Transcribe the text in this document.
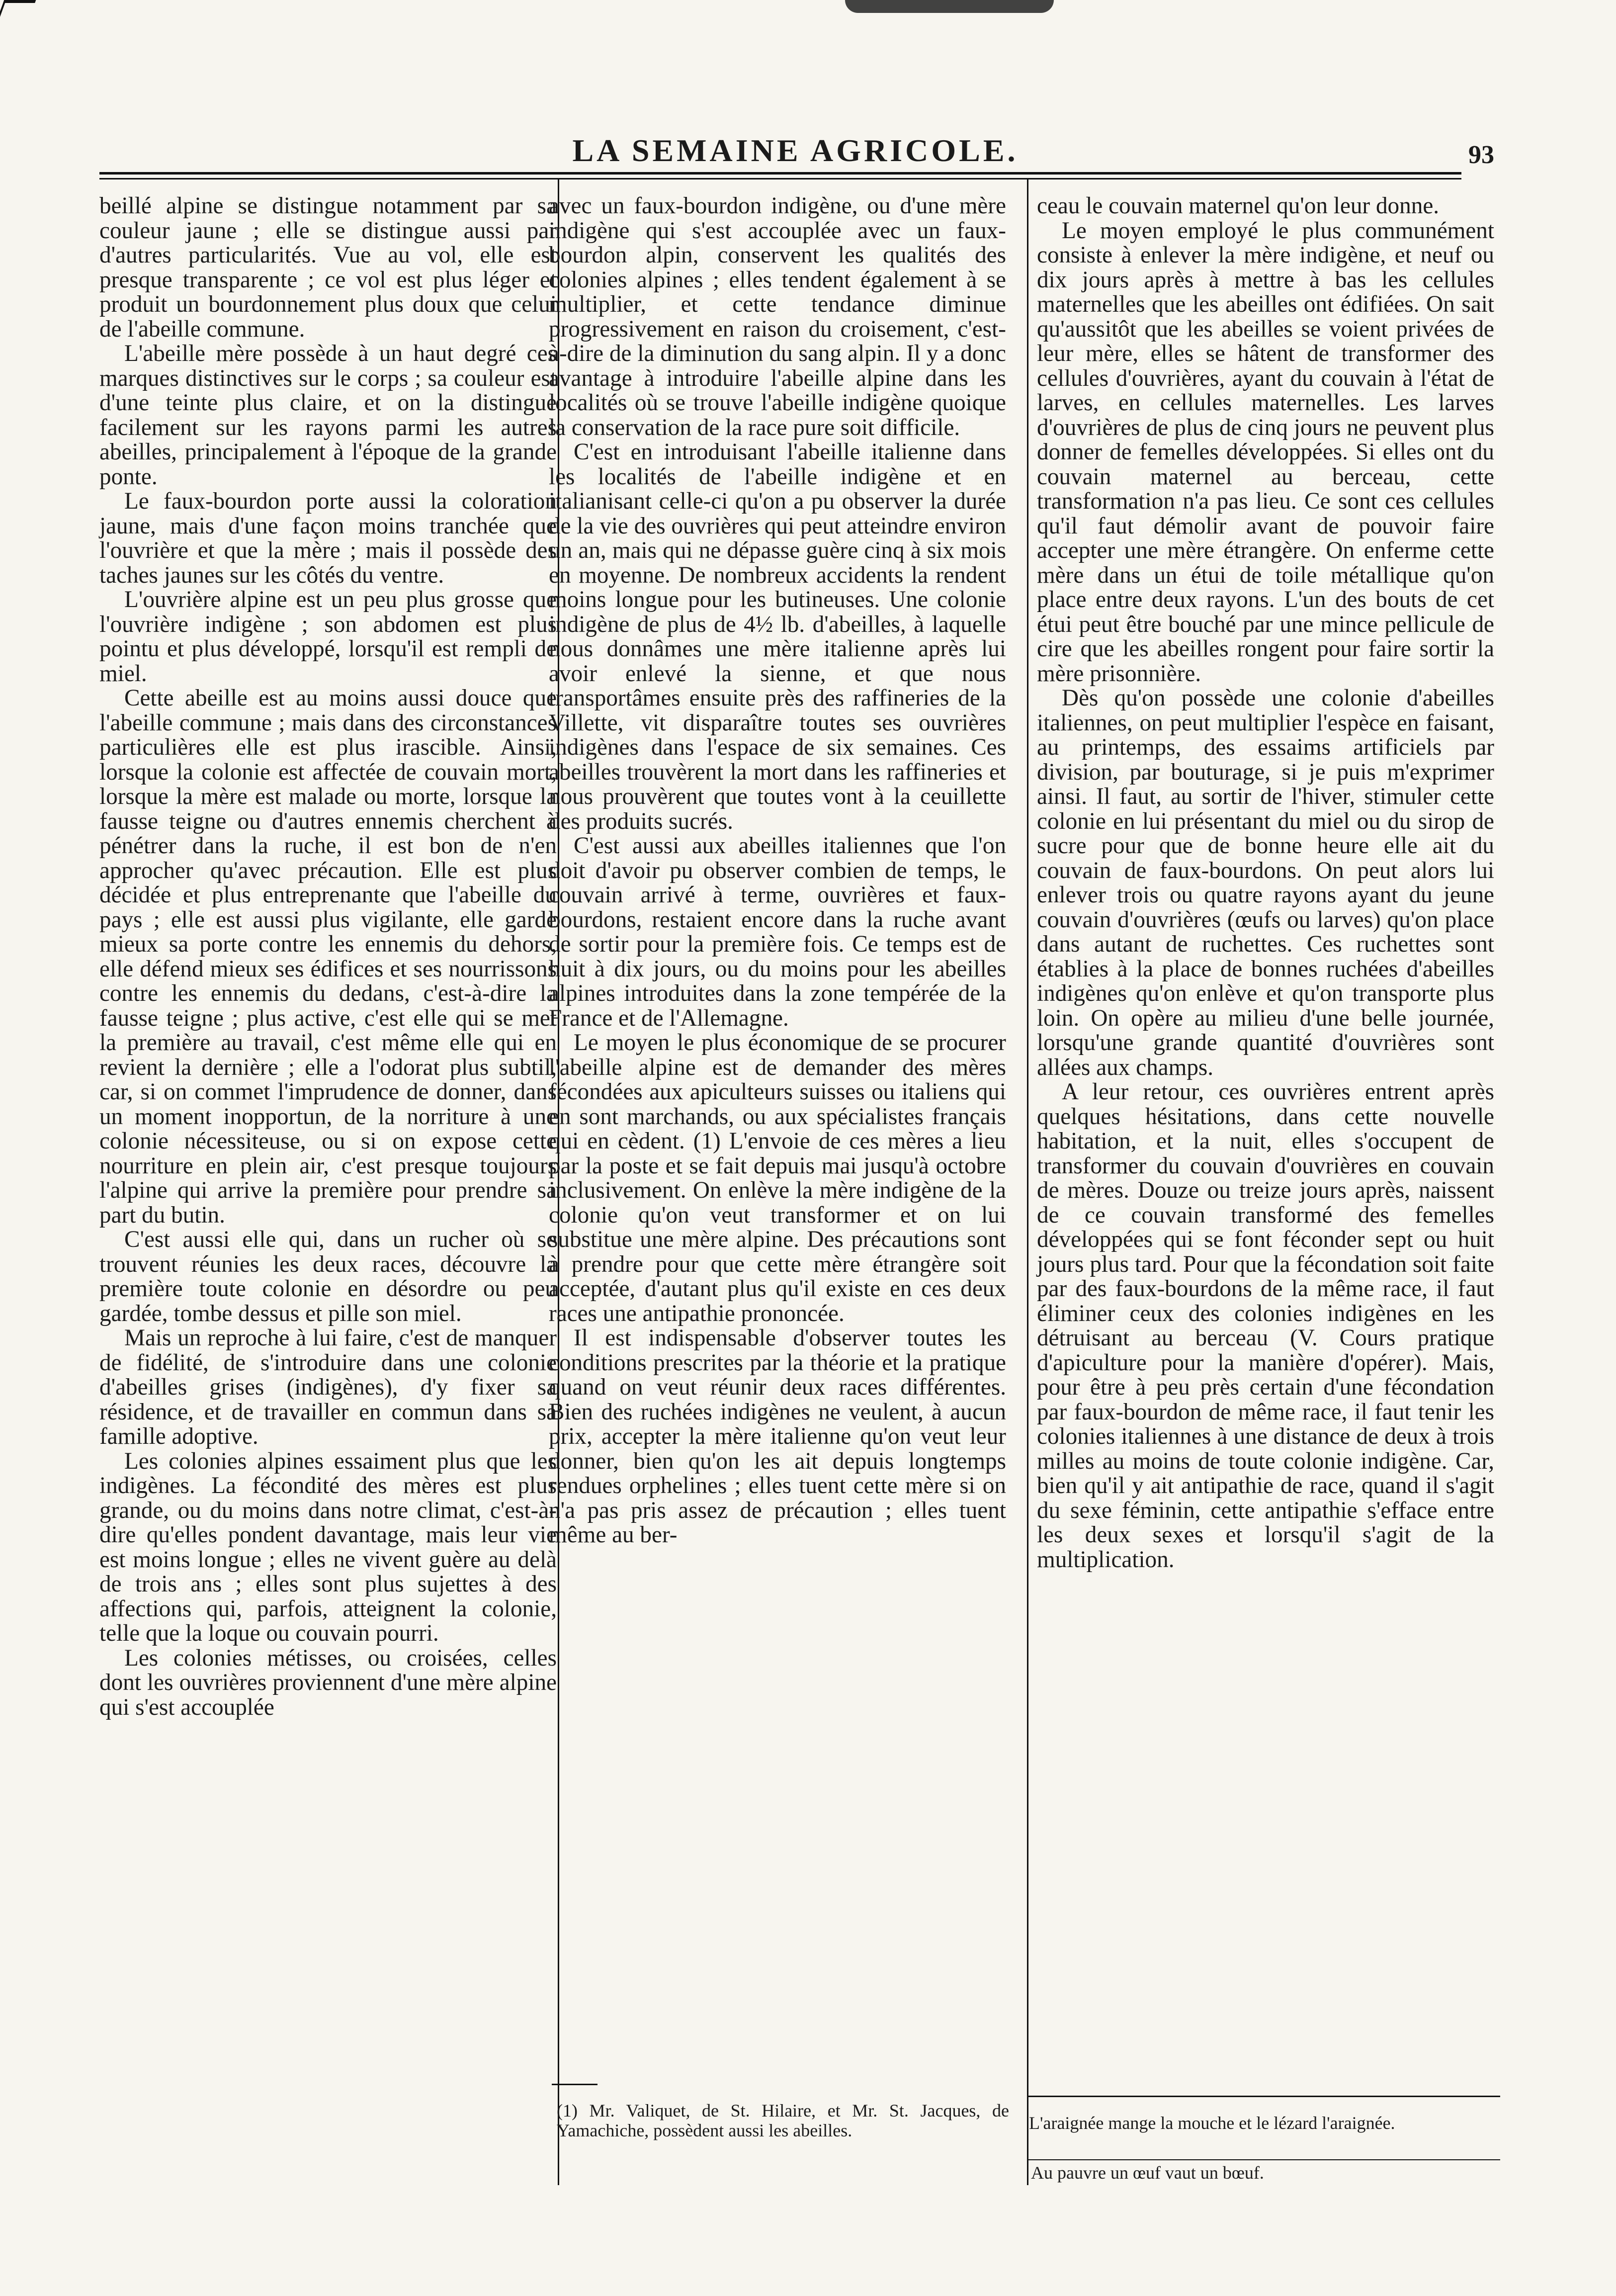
LA SEMAINE AGRICOLE.	93

beillé alpine se distingue notamment par sa couleur jaune ; elle se distingue aussi par d'autres particularités. Vue au vol, elle est presque transparente ; ce vol est plus léger et produit un bourdonnement plus doux que celui de l'abeille commune.

L'abeille mère possède à un haut degré ces marques distinctives sur le corps ; sa couleur est d'une teinte plus claire, et on la distingue facilement sur les rayons parmi les autres abeilles, principalement à l'époque de la grande ponte.

Le faux-bourdon porte aussi la coloration jaune, mais d'une façon moins tranchée que l'ouvrière et que la mère ; mais il possède des taches jaunes sur les côtés du ventre.

L'ouvrière alpine est un peu plus grosse que l'ouvrière indigène ; son abdomen est plus pointu et plus développé, lorsqu'il est rempli de miel.

Cette abeille est au moins aussi douce que l'abeille commune ; mais dans des circonstances particulières elle est plus irascible. Ainsi, lorsque la colonie est affectée de couvain mort, lorsque la mère est malade ou morte, lorsque la fausse teigne ou d'autres ennemis cherchent à pénétrer dans la ruche, il est bon de n'en approcher qu'avec précaution. Elle est plus décidée et plus entreprenante que l'abeille du pays ; elle est aussi plus vigilante, elle garde mieux sa porte contre les ennemis du dehors, elle défend mieux ses édifices et ses nourrissons contre les ennemis du dedans, c'est-à-dire la fausse teigne ; plus active, c'est elle qui se met la première au travail, c'est même elle qui en revient la dernière ; elle a l'odorat plus subtil, car, si on commet l'imprudence de donner, dans un moment inopportun, de la norriture à une colonie nécessiteuse, ou si on expose cette nourriture en plein air, c'est presque toujours l'alpine qui arrive la première pour prendre sa part du butin.

C'est aussi elle qui, dans un rucher où se trouvent réunies les deux races, découvre la première toute colonie en désordre ou peu gardée, tombe dessus et pille son miel.

Mais un reproche à lui faire, c'est de manquer de fidélité, de s'introduire dans une colonie d'abeilles grises (indigènes), d'y fixer sa résidence, et de travailler en commun dans sa famille adoptive.

Les colonies alpines essaiment plus que les indigènes. La fécondité des mères est plus grande, ou du moins dans notre climat, c'est-à-dire qu'elles pondent davantage, mais leur vie est moins longue ; elles ne vivent guère au delà de trois ans ; elles sont plus sujettes à des affections qui, parfois, atteignent la colonie, telle que la loque ou couvain pourri.

Les colonies métisses, ou croisées, celles dont les ouvrières proviennent d'une mère alpine qui s'est accouplée

avec un faux-bourdon indigène, ou d'une mère indigène qui s'est accouplée avec un faux-bourdon alpin, conservent les qualités des colonies alpines ; elles tendent également à se multiplier, et cette tendance diminue progressivement en raison du croisement, c'est-à-dire de la diminution du sang alpin. Il y a donc avantage à introduire l'abeille alpine dans les localités où se trouve l'abeille indigène quoique la conservation de la race pure soit difficile.

C'est en introduisant l'abeille italienne dans les localités de l'abeille indigène et en italianisant celle-ci qu'on a pu observer la durée de la vie des ouvrières qui peut atteindre environ un an, mais qui ne dépasse guère cinq à six mois en moyenne. De nombreux accidents la rendent moins longue pour les butineuses. Une colonie indigène de plus de 4½ lb. d'abeilles, à laquelle nous donnâmes une mère italienne après lui avoir enlevé la sienne, et que nous transportâmes ensuite près des raffineries de la Villette, vit disparaître toutes ses ouvrières indigènes dans l'espace de six semaines. Ces abeilles trouvèrent la mort dans les raffineries et nous prouvèrent que toutes vont à la ceuillette des produits sucrés.

C'est aussi aux abeilles italiennes que l'on doit d'avoir pu observer combien de temps, le couvain arrivé à terme, ouvrières et faux-bourdons, restaient encore dans la ruche avant de sortir pour la première fois. Ce temps est de huit à dix jours, ou du moins pour les abeilles alpines introduites dans la zone tempérée de la France et de l'Allemagne.

Le moyen le plus économique de se procurer l'abeille alpine est de demander des mères fécondées aux apiculteurs suisses ou italiens qui en sont marchands, ou aux spécialistes français qui en cèdent. (1) L'envoie de ces mères a lieu par la poste et se fait depuis mai jusqu'à octobre inclusivement. On enlève la mère indigène de la colonie qu'on veut transformer et on lui substitue une mère alpine. Des précautions sont à prendre pour que cette mère étrangère soit acceptée, d'autant plus qu'il existe en ces deux races une antipathie prononcée.

Il est indispensable d'observer toutes les conditions prescrites par la théorie et la pratique quand on veut réunir deux races différentes. Bien des ruchées indigènes ne veulent, à aucun prix, accepter la mère italienne qu'on veut leur donner, bien qu'on les ait depuis longtemps rendues orphelines ; elles tuent cette mère si on n'a pas pris assez de précaution ; elles tuent même au ber-

ceau le couvain maternel qu'on leur donne.

Le moyen employé le plus communément consiste à enlever la mère indigène, et neuf ou dix jours après à mettre à bas les cellules maternelles que les abeilles ont édifiées. On sait qu'aussitôt que les abeilles se voient privées de leur mère, elles se hâtent de transformer des cellules d'ouvrières, ayant du couvain à l'état de larves, en cellules maternelles. Les larves d'ouvrières de plus de cinq jours ne peuvent plus donner de femelles développées. Si elles ont du couvain maternel au berceau, cette transformation n'a pas lieu. Ce sont ces cellules qu'il faut démolir avant de pouvoir faire accepter une mère étrangère. On enferme cette mère dans un étui de toile métallique qu'on place entre deux rayons. L'un des bouts de cet étui peut être bouché par une mince pellicule de cire que les abeilles rongent pour faire sortir la mère prisonnière.

Dès qu'on possède une colonie d'abeilles italiennes, on peut multiplier l'espèce en faisant, au printemps, des essaims artificiels par division, par bouturage, si je puis m'exprimer ainsi. Il faut, au sortir de l'hiver, stimuler cette colonie en lui présentant du miel ou du sirop de sucre pour que de bonne heure elle ait du couvain de faux-bourdons. On peut alors lui enlever trois ou quatre rayons ayant du jeune couvain d'ouvrières (œufs ou larves) qu'on place dans autant de ruchettes. Ces ruchettes sont établies à la place de bonnes ruchées d'abeilles indigènes qu'on enlève et qu'on transporte plus loin. On opère au milieu d'une belle journée, lorsqu'une grande quantité d'ouvrières sont allées aux champs.

A leur retour, ces ouvrières entrent après quelques hésitations, dans cette nouvelle habitation, et la nuit, elles s'occupent de transformer du couvain d'ouvrières en couvain de mères. Douze ou treize jours après, naissent de ce couvain transformé des femelles développées qui se font féconder sept ou huit jours plus tard. Pour que la fécondation soit faite par des faux-bourdons de la même race, il faut éliminer ceux des colonies indigènes en les détruisant au berceau (V. Cours pratique d'apiculture pour la manière d'opérer). Mais, pour être à peu près certain d'une fécondation par faux-bourdon de même race, il faut tenir les colonies italiennes à une distance de deux à trois milles au moins de toute colonie indigène. Car, bien qu'il y ait antipathie de race, quand il s'agit du sexe féminin, cette antipathie s'efface entre les deux sexes et lorsqu'il s'agit de la multiplication.

(1) Mr. Valiquet, de St. Hilaire, et Mr. St. Jacques, de Yamachiche, possèdent aussi les abeilles.	L'araignée mange la mouche et le lézard l'araignée.
Au pauvre un œuf vaut un bœuf.
